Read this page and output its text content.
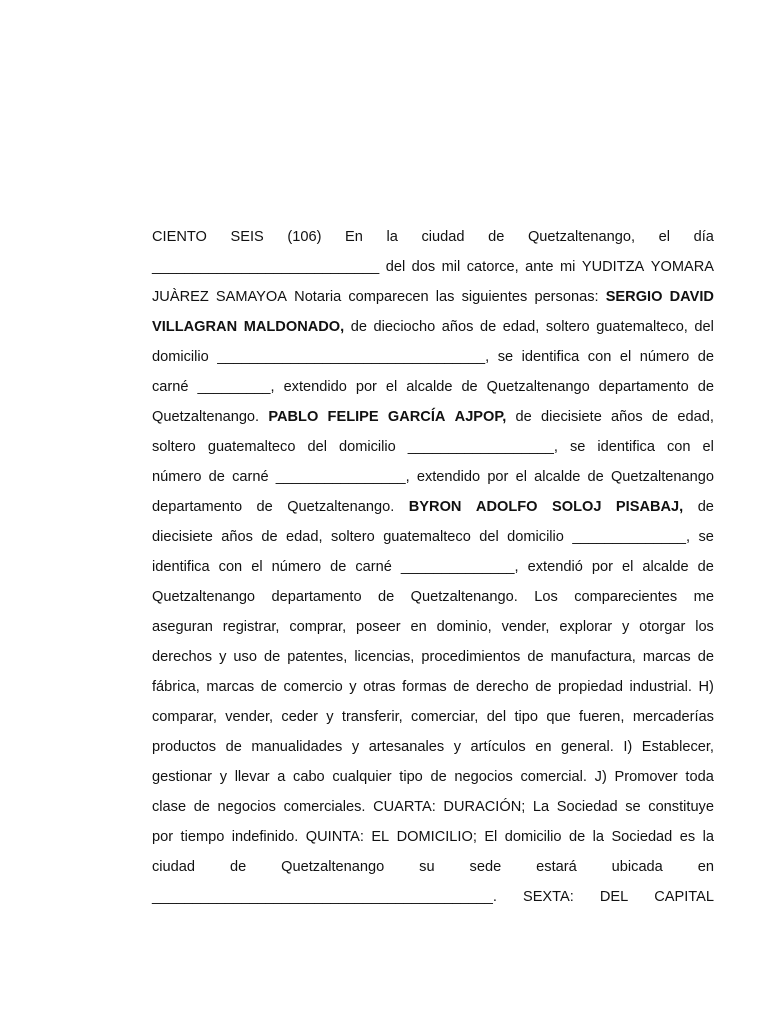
CIENTO SEIS (106) En la ciudad de Quetzaltenango, el día
____________________________ del dos mil catorce, ante mi YUDITZA YOMARA
JUÀREZ SAMAYOA Notaria comparecen las siguientes personas: SERGIO DAVID
VILLAGRAN MALDONADO, de dieciocho años de edad, soltero guatemalteco, del
domicilio _________________________________, se identifica con el número de
carné _________, extendido por el alcalde de Quetzaltenango departamento de
Quetzaltenango. PABLO FELIPE GARCÍA AJPOP, de diecisiete años de edad,
soltero guatemalteco del domicilio __________________, se identifica con el
número de carné ________________, extendido por el alcalde de Quetzaltenango
departamento de Quetzaltenango. BYRON ADOLFO SOLOJ PISABAJ, de
diecisiete años de edad, soltero guatemalteco del domicilio ______________, se
identifica con el número de carné ______________, extendió por el alcalde de
Quetzaltenango departamento de Quetzaltenango. Los comparecientes me
aseguran registrar, comprar, poseer en dominio, vender, explorar y otorgar los
derechos y uso de patentes, licencias, procedimientos de manufactura, marcas de
fábrica, marcas de comercio y otras formas de derecho de propiedad industrial. H)
comparar, vender, ceder y transferir, comerciar, del tipo que fueren, mercaderías
productos de manualidades y artesanales y artículos en general. I) Establecer,
gestionar y llevar a cabo cualquier tipo de negocios comercial. J) Promover toda
clase de negocios comerciales. CUARTA: DURACIÓN; La Sociedad se constituye
por tiempo indefinido. QUINTA: EL DOMICILIO; El domicilio de la Sociedad es la
ciudad de Quetzaltenango su sede estará ubicada en
__________________________________________. SEXTA: DEL CAPITAL
